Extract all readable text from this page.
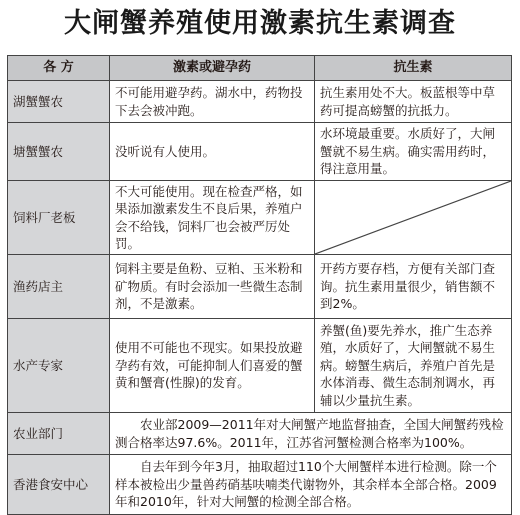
大闸蟹养殖使用激素抗生素调查
各 方	激素或避孕药	抗生素
湖蟹蟹农	不可能用避孕药。湖水中，药物投下去会被冲跑。	抗生素用处不大。板蓝根等中草药可提高螃蟹的抗抵力。
塘蟹蟹农	没听说有人使用。	水环境最重要。水质好了，大闸蟹就不易生病。确实需用药时，得注意用量。
饲料厂老板	不大可能使用。现在检查严格，如果添加激素发生不良后果，养殖户会不给钱，饲料厂也会被严厉处罚。	

渔药店主	饲料主要是鱼粉、豆粕、玉米粉和矿物质。有时会添加一些微生态制剂，不是激素。	开药方要存档，方便有关部门查询。抗生素用量很少，销售额不到2%。
水产专家	使用不可能也不现实。如果投放避孕药有效，可能抑制人们喜爱的蟹黄和蟹膏(性腺)的发育。	养蟹(鱼)要先养水，推广生态养殖，水质好了，大闸蟹就不易生病。螃蟹生病后，养殖户首先是水体消毒、微生态制剂调水，再辅以少量抗生素。
农业部门	农业部2009—2011年对大闸蟹产地监督抽查，全国大闸蟹药残检测合格率达97.6%。2011年，江苏省河蟹检测合格率为100%。	
香港食安中心	自去年到今年3月，抽取超过110个大闸蟹样本进行检测。除一个样本被检出少量兽药硝基呋喃类代谢物外，其余样本全部合格。2009年和2010年，针对大闸蟹的检测全部合格。	
